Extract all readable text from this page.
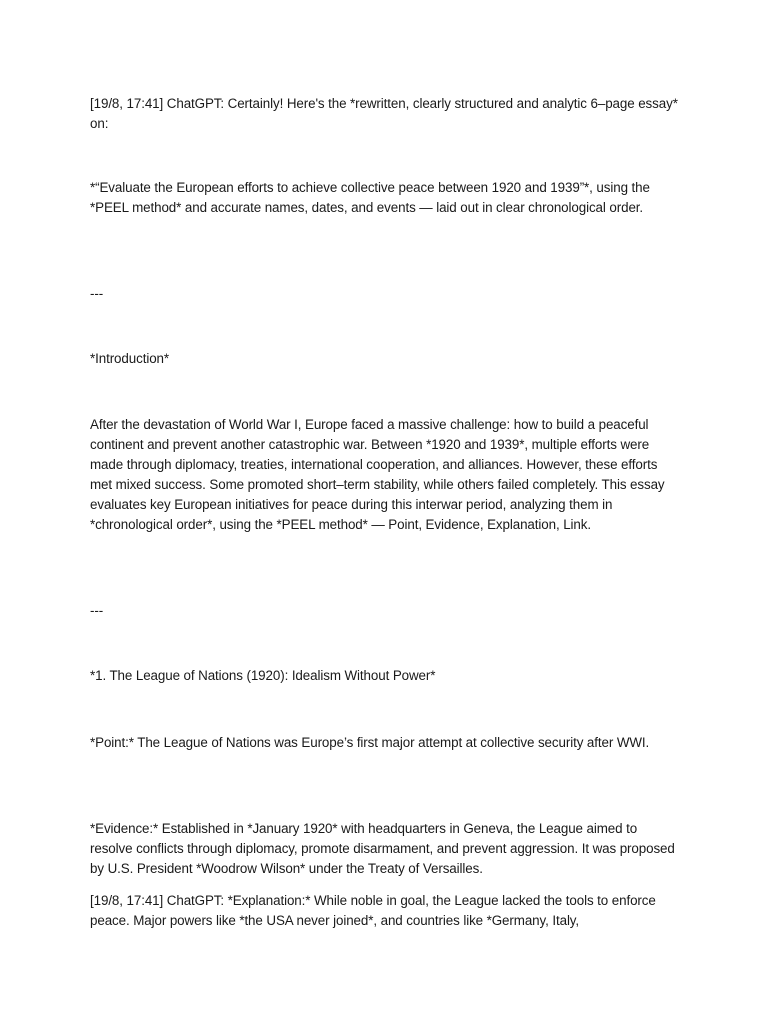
[19/8, 17:41] ChatGPT: Certainly! Here's the *rewritten, clearly structured and analytic 6–page essay* on:

*“Evaluate the European efforts to achieve collective peace between 1920 and 1939”*, using the *PEEL method* and accurate names, dates, and events — laid out in clear chronological order.

---

*Introduction*

After the devastation of World War I, Europe faced a massive challenge: how to build a peaceful continent and prevent another catastrophic war. Between *1920 and 1939*, multiple efforts were made through diplomacy, treaties, international cooperation, and alliances. However, these efforts met mixed success. Some promoted short–term stability, while others failed completely. This essay evaluates key European initiatives for peace during this interwar period, analyzing them in *chronological order*, using the *PEEL method* — Point, Evidence, Explanation, Link.

---

*1. The League of Nations (1920): Idealism Without Power*

*Point:* The League of Nations was Europe’s first major attempt at collective security after WWI.

*Evidence:* Established in *January 1920* with headquarters in Geneva, the League aimed to resolve conflicts through diplomacy, promote disarmament, and prevent aggression. It was proposed by U.S. President *Woodrow Wilson* under the Treaty of Versailles.

[19/8, 17:41] ChatGPT: *Explanation:* While noble in goal, the League lacked the tools to enforce peace. Major powers like *the USA never joined*, and countries like *Germany, Italy,
